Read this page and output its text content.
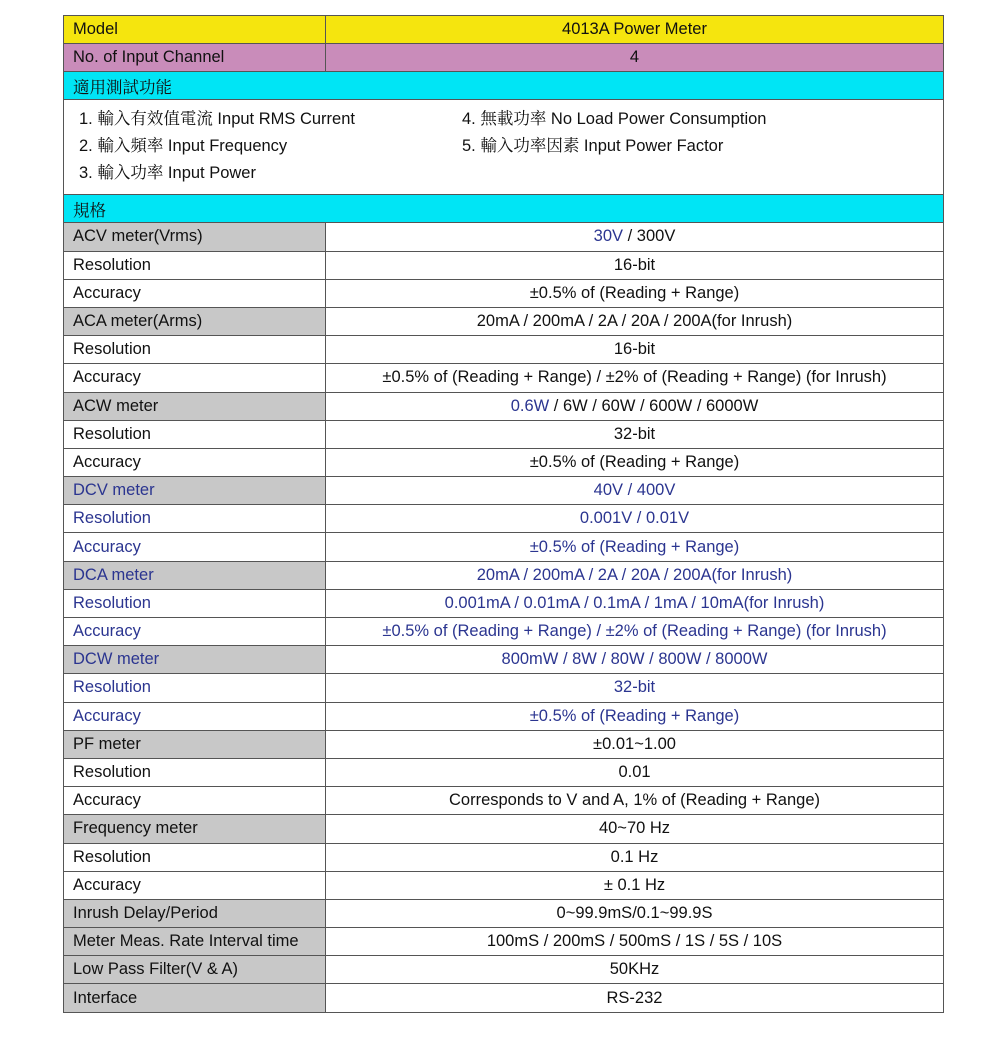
Model	4013A Power Meter
No. of Input Channel	4
適用測試功能	

1. 輸入有效值電流 Input RMS Current 4. 無載功率 No Load Power Consumption
2. 輸入頻率 Input Frequency 5. 輸入功率因素 Input Power Factor
3. 輸入功率 Input Power	

規格	
ACV meter(Vrms)	30V / 300V
Resolution	16-bit
Accuracy	±0.5% of (Reading + Range)
ACA meter(Arms)	20mA / 200mA / 2A / 20A / 200A(for Inrush)
Resolution	16-bit
Accuracy	±0.5% of (Reading + Range) / ±2% of (Reading + Range) (for Inrush)
ACW meter	0.6W / 6W / 60W / 600W / 6000W
Resolution	32-bit
Accuracy	±0.5% of (Reading + Range)
DCV meter	40V / 400V
Resolution	0.001V / 0.01V
Accuracy	±0.5% of (Reading + Range)
DCA meter	20mA / 200mA / 2A / 20A / 200A(for Inrush)
Resolution	0.001mA / 0.01mA / 0.1mA / 1mA / 10mA(for Inrush)
Accuracy	±0.5% of (Reading + Range) / ±2% of (Reading + Range) (for Inrush)
DCW meter	800mW / 8W / 80W / 800W / 8000W
Resolution	32-bit
Accuracy	±0.5% of (Reading + Range)
PF meter	±0.01~1.00
Resolution	0.01
Accuracy	Corresponds to V and A, 1% of (Reading + Range)
Frequency meter	40~70 Hz
Resolution	0.1 Hz
Accuracy	± 0.1 Hz
Inrush Delay/Period	0~99.9mS/0.1~99.9S
Meter Meas. Rate Interval time	100mS / 200mS / 500mS / 1S / 5S / 10S
Low Pass Filter(V & A)	50KHz
Interface	RS-232
